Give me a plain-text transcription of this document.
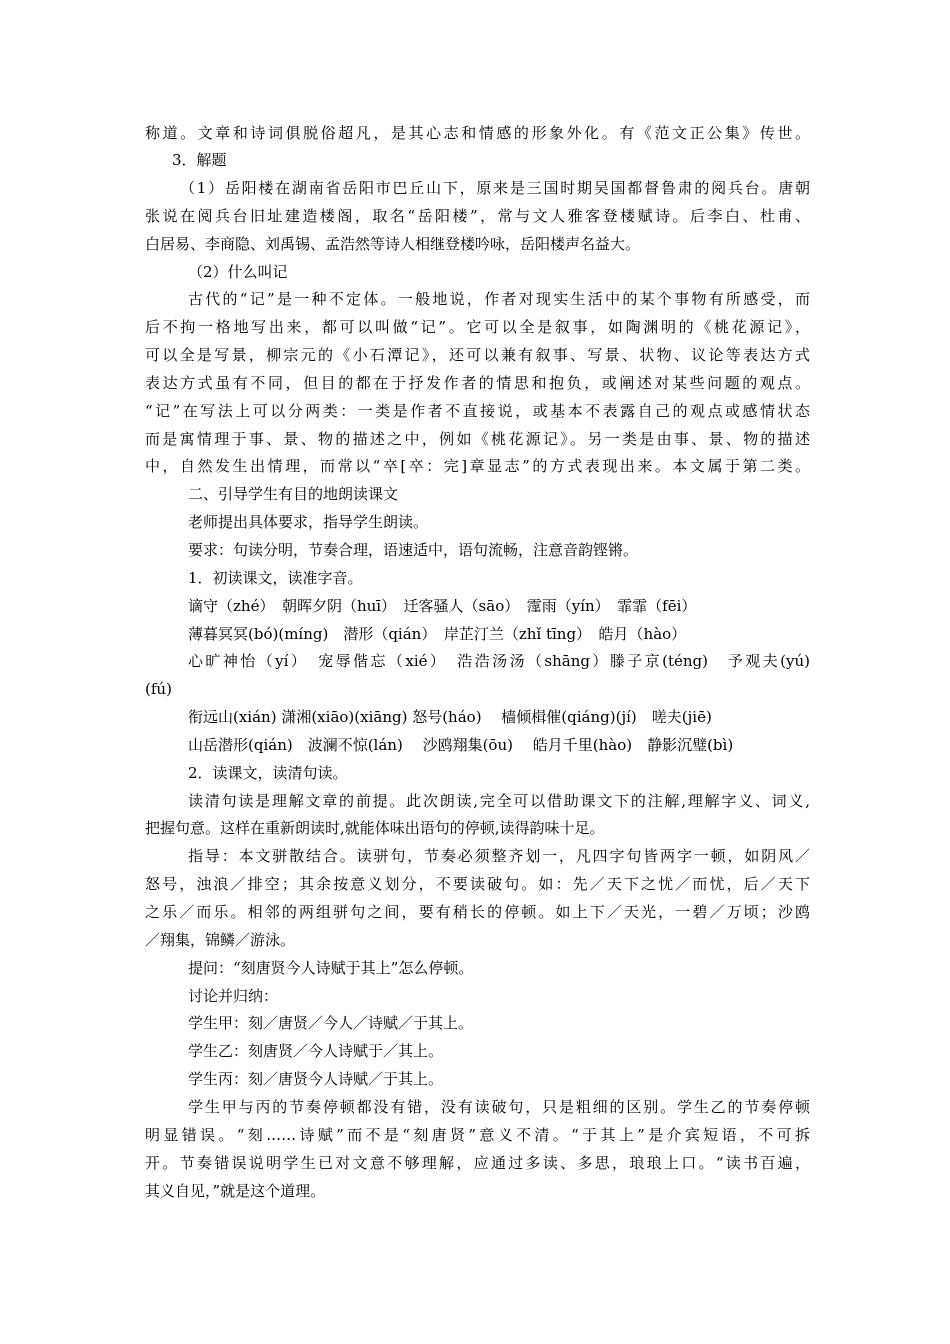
称道。文章和诗词俱脱俗超凡，是其心志和情感的形象外化。有《范文正公集》传世。
3．解题
（1）岳阳楼在湖南省岳阳市巴丘山下，原来是三国时期吴国都督鲁肃的阅兵台。唐朝
张说在阅兵台旧址建造楼阁，取名“岳阳楼”，常与文人雅客登楼赋诗。后李白、杜甫、
白居易、李商隐、刘禹锡、孟浩然等诗人相继登楼吟咏，岳阳楼声名益大。
（2）什么叫记
古代的“记”是一种不定体。一般地说，作者对现实生活中的某个事物有所感受，而
后不拘一格地写出来，都可以叫做“记”。它可以全是叙事，如陶渊明的《桃花源记》，
可以全是写景，柳宗元的《小石潭记》，还可以兼有叙事、写景、状物、议论等表达方式
表达方式虽有不同，但目的都在于抒发作者的情思和抱负，或阐述对某些问题的观点。
“记”在写法上可以分两类：一类是作者不直接说，或基本不表露自己的观点或感情状态
而是寓情理于事、景、物的描述之中，例如《桃花源记》。另一类是由事、景、物的描述
中，自然发生出情理，而常以“卒[卒：完]章显志”的方式表现出来。本文属于第二类。
二、引导学生有目的地朗读课文
老师提出具体要求，指导学生朗读。
要求：句读分明，节奏合理，语速适中，语句流畅，注意音韵铿锵。
1．初读课文，读准字音。
谪守（zhé）　朝晖夕阴（huī）　迁客骚人（sāo）　霪雨（yín）　霏霏（fēi）
薄暮冥冥(bó)(míng)　潜形（qián）　岸芷汀兰（zhǐ tīng）　皓月（hào）
心旷神怡（yí）　宠辱偕忘（xié）　浩浩汤汤（shāng）滕子京(téng)　予观夫(yú)
(fú)
衔远山(xián) 潇湘(xiāo)(xiāng) 怒号(háo)　 樯倾楫催(qiáng)(jí)　嗟夫(jiē)
山岳潜形(qián)　波澜不惊(lán)　 沙鸥翔集(ōu)　 皓月千里(hào)　静影沉璧(bì)
2．读课文，读清句读。
读清句读是理解文章的前提。此次朗读,完全可以借助课文下的注解,理解字义、词义,
把握句意。这样在重新朗读时,就能体味出语句的停顿,读得韵味十足。
指导：本文骈散结合。读骈句，节奏必须整齐划一，凡四字句皆两字一顿，如阴风／
怒号，浊浪／排空；其余按意义划分，不要读破句。如：先／天下之忧／而忧，后／天下
之乐／而乐。相邻的两组骈句之间，要有稍长的停顿。如上下／天光，一碧／万顷；沙鸥
／翔集，锦鳞／游泳。
提问：“刻唐贤今人诗赋于其上”怎么停顿。
讨论并归纳：
学生甲：刻／唐贤／今人／诗赋／于其上。
学生乙：刻唐贤／今人诗赋于／其上。
学生丙：刻／唐贤今人诗赋／于其上。
学生甲与丙的节奏停顿都没有错，没有读破句，只是粗细的区别。学生乙的节奏停顿
明显错误。“刻……诗赋”而不是“刻唐贤”意义不清。“于其上”是介宾短语，不可拆
开。节奏错误说明学生已对文意不够理解，应通过多读、多思，琅琅上口。“读书百遍，
其义自见，”就是这个道理。
